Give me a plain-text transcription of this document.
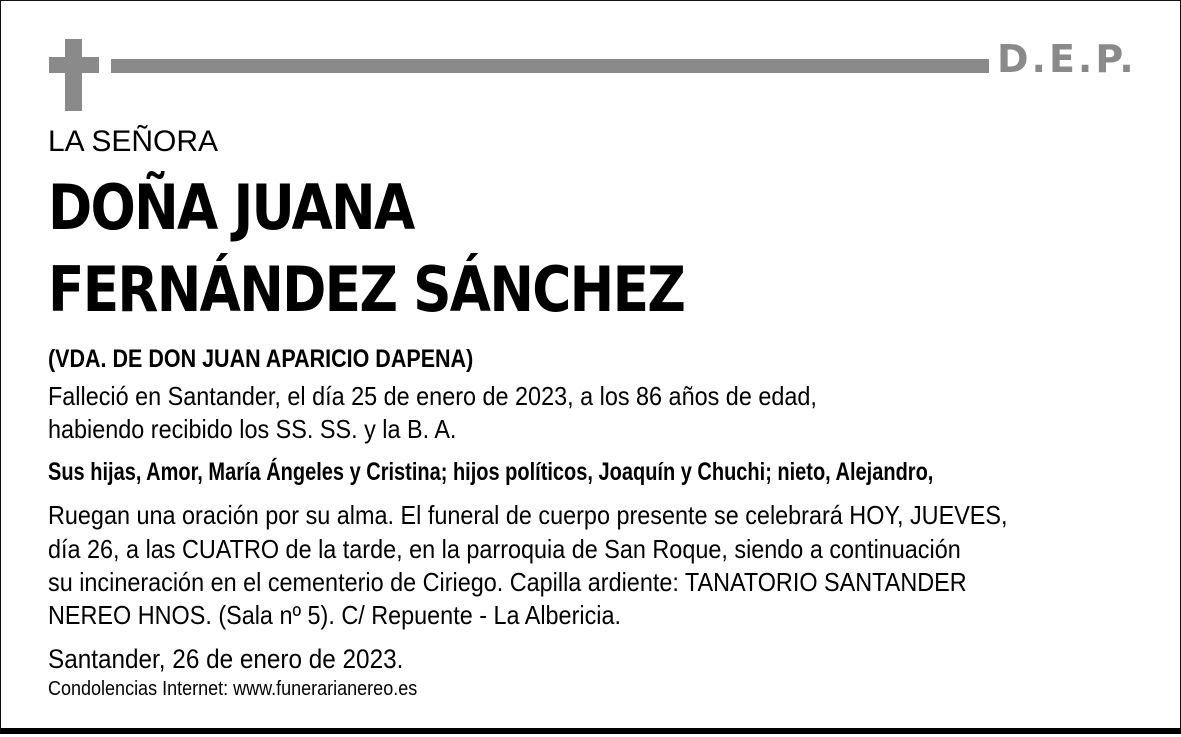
D.E.P.
LA SEÑORA
DOÑA JUANA
FERNÁNDEZ SÁNCHEZ
(VDA. DE DON JUAN APARICIO DAPENA)
Falleció en Santander, el día 25 de enero de 2023, a los 86 años de edad,
habiendo recibido los SS. SS. y la B. A.
Sus hijas, Amor, María Ángeles y Cristina; hijos políticos, Joaquín y Chuchi; nieto, Alejandro,
Ruegan una oración por su alma. El funeral de cuerpo presente se celebrará HOY, JUEVES,
día 26, a las CUATRO de la tarde, en la parroquia de San Roque, siendo a continuación
su incineración en el cementerio de Ciriego. Capilla ardiente: TANATORIO SANTANDER
NEREO HNOS. (Sala nº 5). C/ Repuente - La Albericia.
Santander, 26 de enero de 2023.
Condolencias Internet: www.funerarianereo.es
